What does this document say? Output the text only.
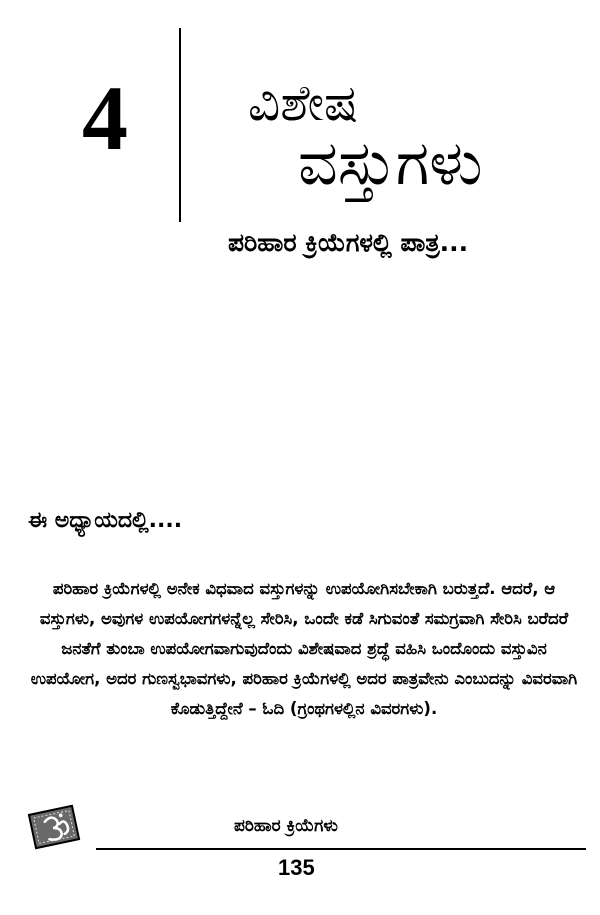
4 ವಿಶೇಷ
ವಸ್ತುಗಳು
ಪರಿಹಾರ ಕ್ರಿಯೆಗಳಲ್ಲಿ ಪಾತ್ರ...
ಈ ಅಧ್ಯಾಯದಲ್ಲಿ....

ಪರಿಹಾರ ಕ್ರಿಯೆಗಳಲ್ಲಿ ಅನೇಕ ವಿಧವಾದ ವಸ್ತುಗಳನ್ನು ಉಪಯೋಗಿಸಬೇಕಾಗಿ ಬರುತ್ತದೆ. ಆದರೆ, ಆ ವಸ್ತುಗಳು, ಅವುಗಳ ಉಪಯೋಗಗಳನ್ನೆಲ್ಲ ಸೇರಿಸಿ, ಒಂದೇ ಕಡೆ ಸಿಗುವಂತೆ ಸಮಗ್ರವಾಗಿ ಸೇರಿಸಿ ಬರೆದರೆ ಜನತೆಗೆ ತುಂಬಾ ಉಪಯೋಗವಾಗುವುದೆಂದು ವಿಶೇಷವಾದ ಶ್ರದ್ಧೆ ವಹಿಸಿ ಒಂದೊಂದು ವಸ್ತುವಿನ ಉಪಯೋಗ, ಅದರ ಗುಣಸ್ವಭಾವಗಳು, ಪರಿಹಾರ ಕ್ರಿಯೆಗಳಲ್ಲಿ ಅದರ ಪಾತ್ರವೇನು ಎಂಬುದನ್ನು ವಿವರವಾಗಿ ಕೊಡುತ್ತಿದ್ದೇನೆ – ಓದಿ (ಗ್ರಂಥಗಳಲ್ಲಿನ ವಿವರಗಳು).

ಪರಿಹಾರ ಕ್ರಿಯೆಗಳು
135
